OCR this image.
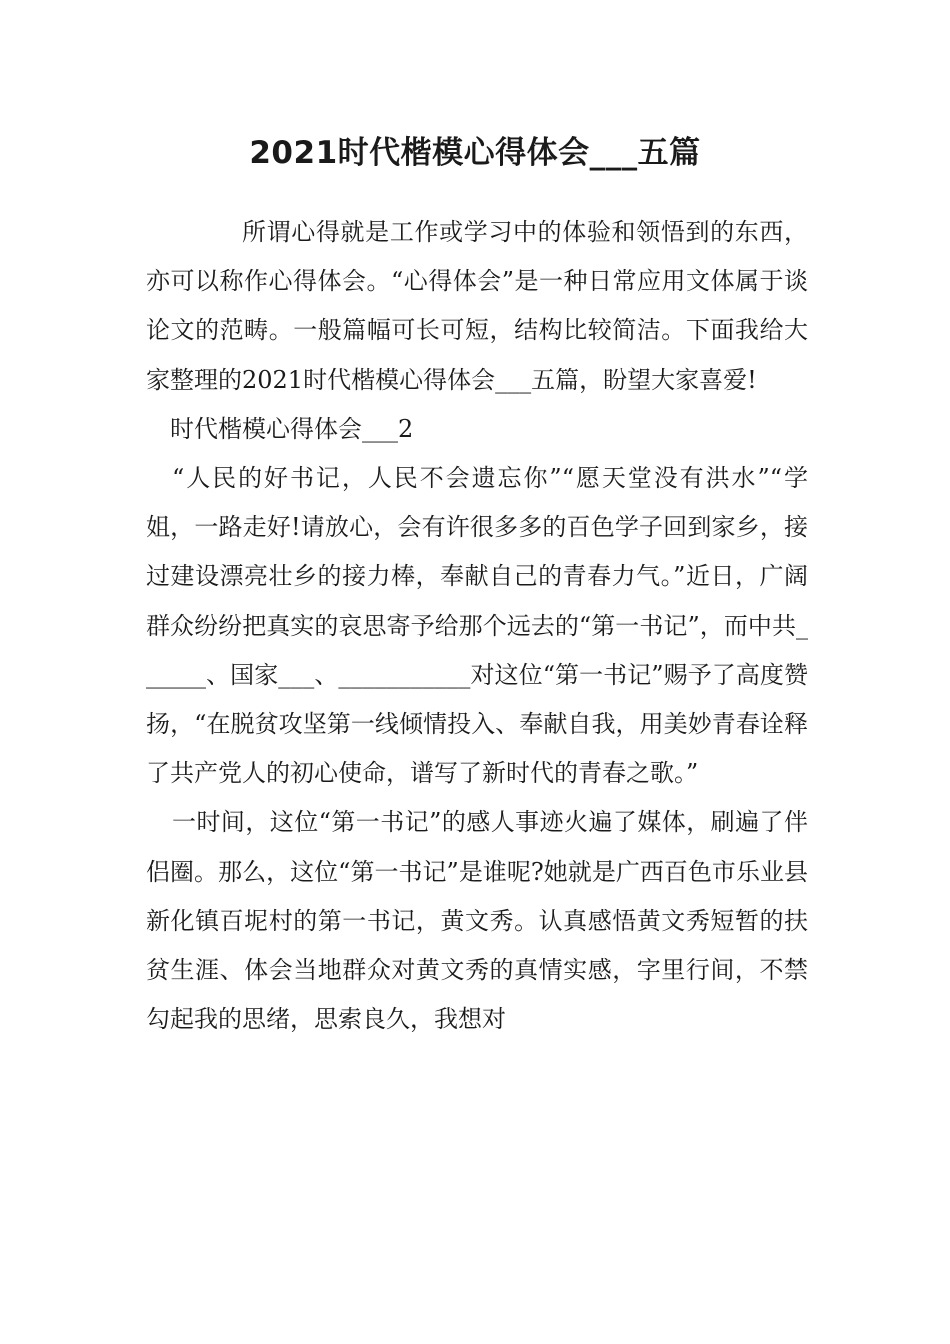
2021时代楷模心得体会___五篇

所谓心得就是工作或学习中的体验和领悟到的东西，亦可以称作心得体会。“心得体会”是一种日常应用文体属于谈论文的范畴。一般篇幅可长可短，结构比较简洁。下面我给大家整理的2021时代楷模心得体会___五篇，盼望大家喜爱!

时代楷模心得体会___2

“人民的好书记，人民不会遗忘你”“愿天堂没有洪水”“学姐，一路走好!请放心，会有许很多多的百色学子回到家乡，接过建设漂亮壮乡的接力棒，奉献自己的青春力气。”近日，广阔群众纷纷把真实的哀思寄予给那个远去的“第一书记”，而中共______、国家___、___________对这位“第一书记”赐予了高度赞扬，“在脱贫攻坚第一线倾情投入、奉献自我，用美妙青春诠释了共产党人的初心使命，谱写了新时代的青春之歌。”

一时间，这位“第一书记”的感人事迹火遍了媒体，刷遍了伴侣圈。那么，这位“第一书记”是谁呢?她就是广西百色市乐业县新化镇百坭村的第一书记，黄文秀。认真感悟黄文秀短暂的扶贫生涯、体会当地群众对黄文秀的真情实感，字里行间，不禁勾起我的思绪，思索良久，我想对
